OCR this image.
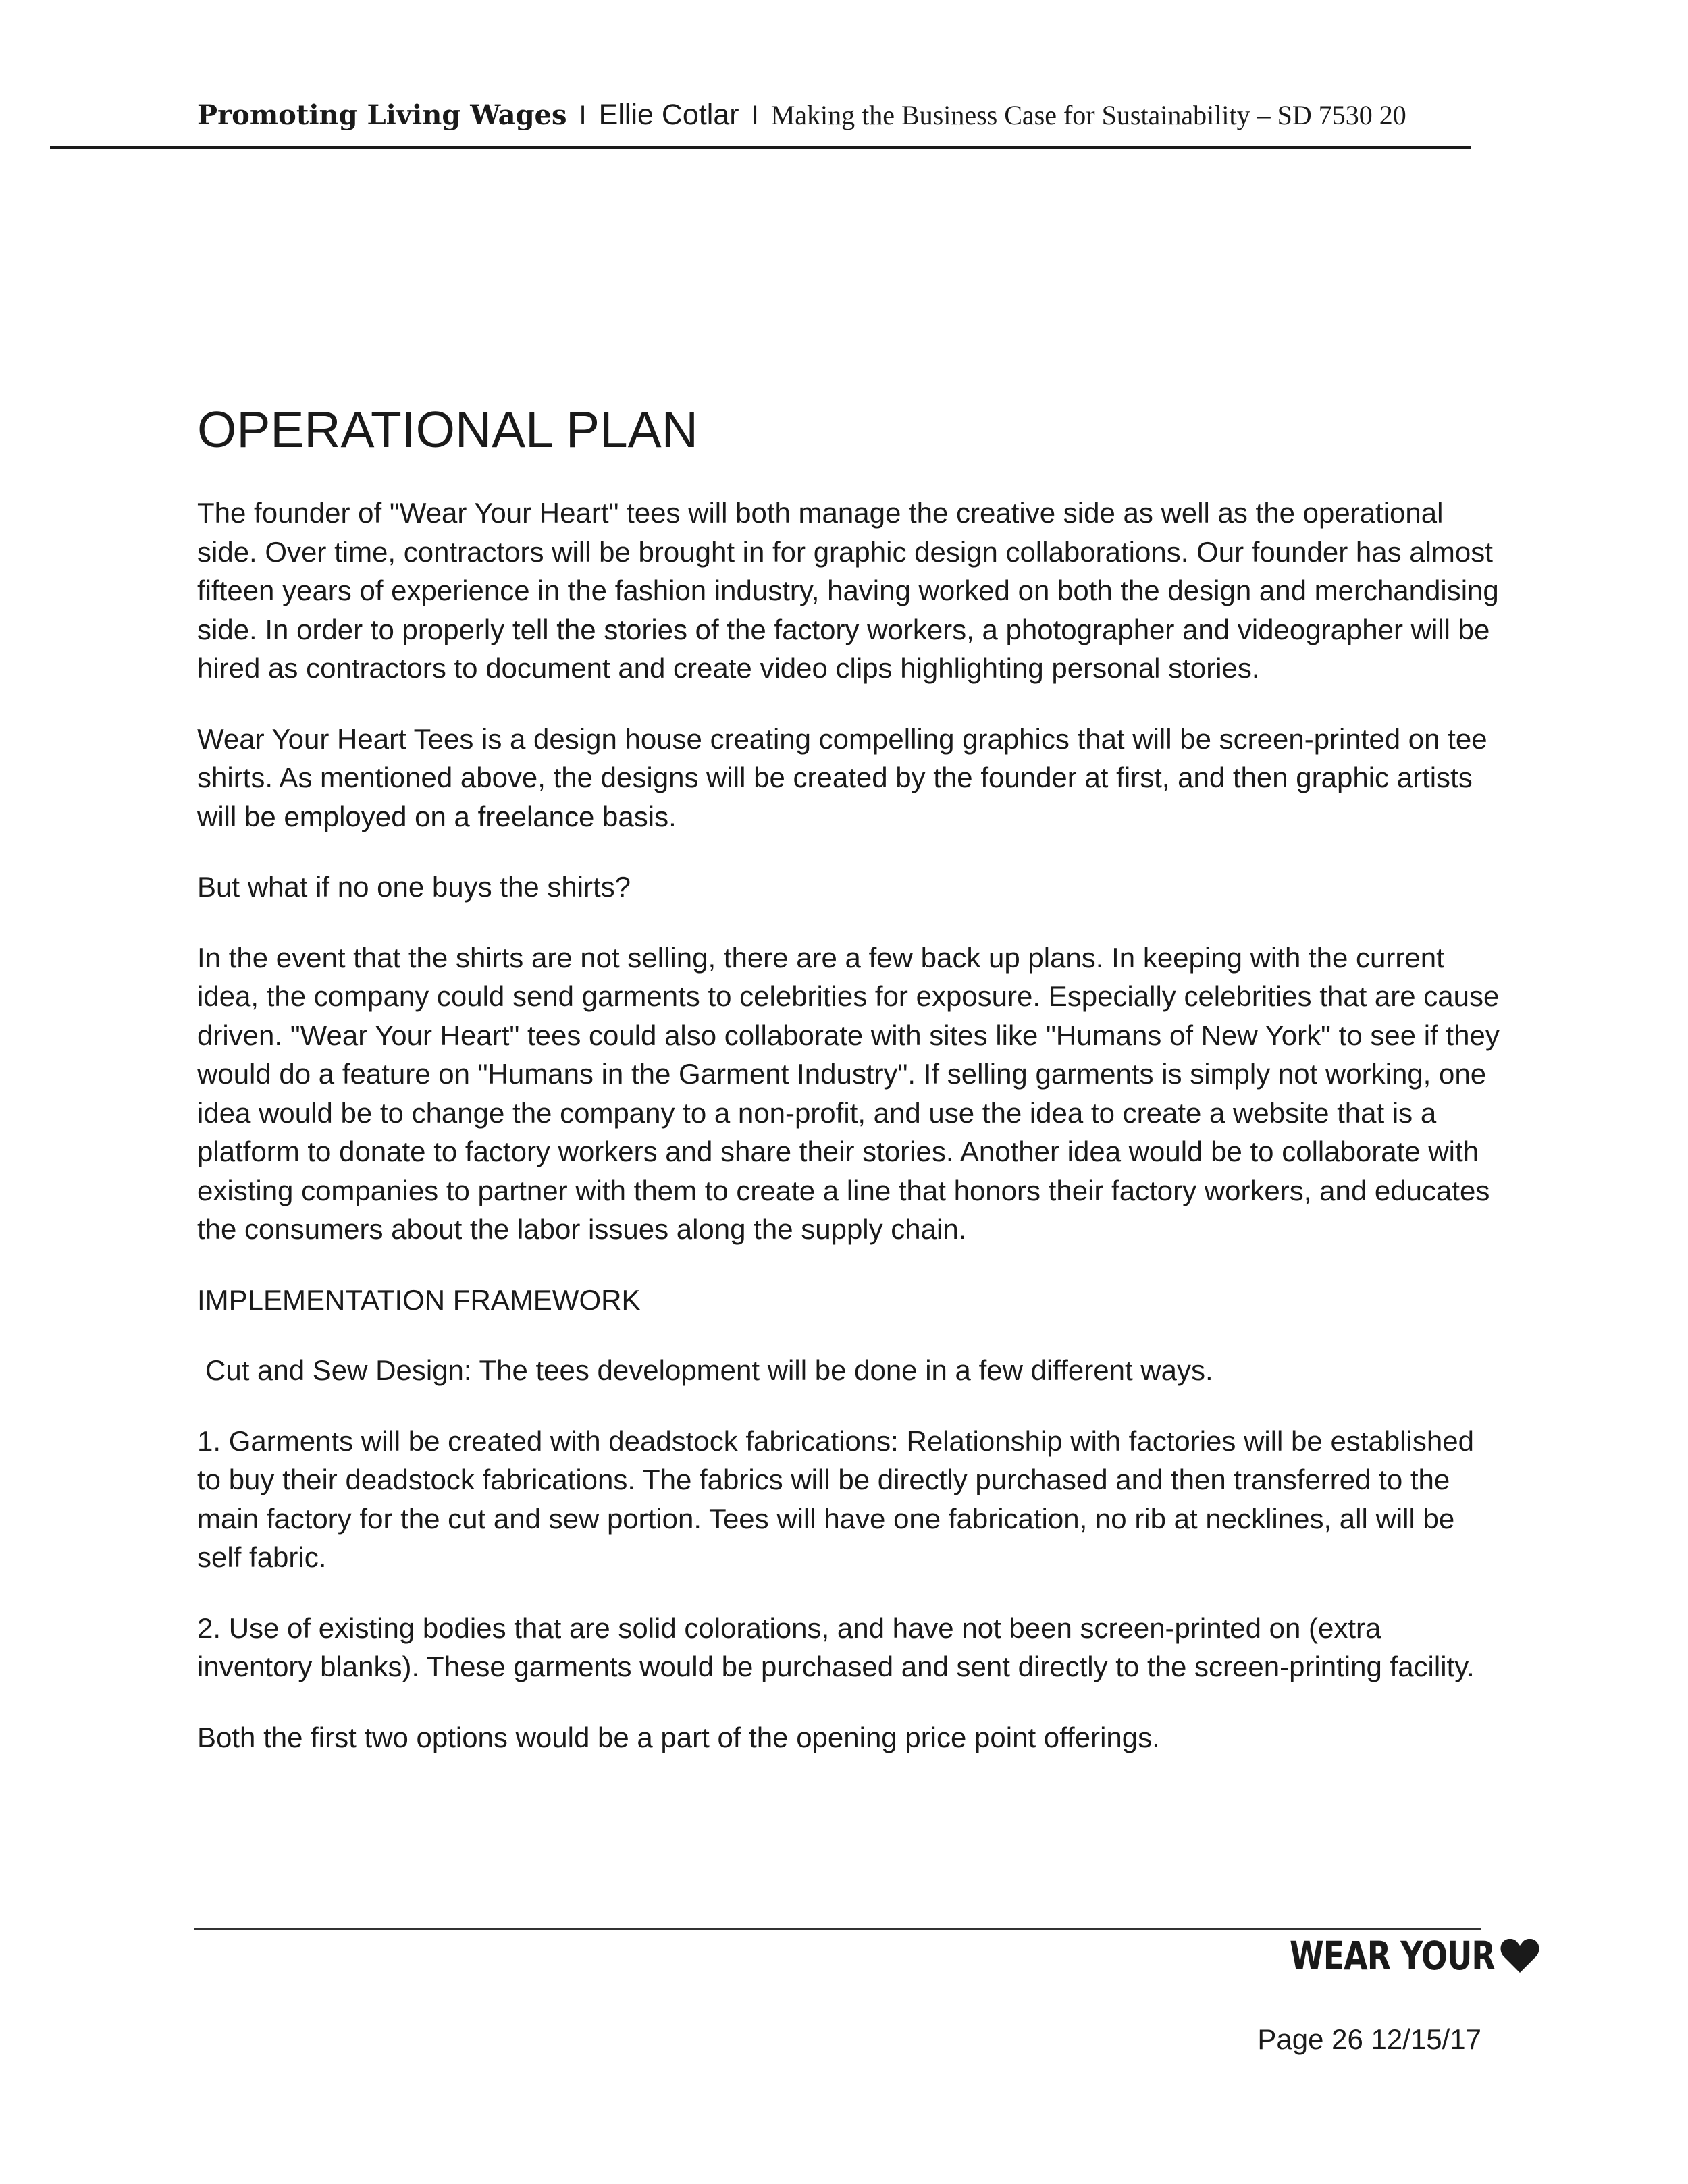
Promoting Living Wages I Ellie Cotlar I Making the Business Case for Sustainability – SD 7530 20
OPERATIONAL PLAN

The founder of "Wear Your Heart" tees will both manage the creative side as well as the operational side. Over time, contractors will be brought in for graphic design collaborations. Our founder has almost fifteen years of experience in the fashion industry, having worked on both the design and merchandising side. In order to properly tell the stories of the factory workers, a photographer and videographer will be hired as contractors to document and create video clips highlighting personal stories.

Wear Your Heart Tees is a design house creating compelling graphics that will be screen-printed on tee shirts. As mentioned above, the designs will be created by the founder at first, and then graphic artists will be employed on a freelance basis.

But what if no one buys the shirts?

In the event that the shirts are not selling, there are a few back up plans. In keeping with the current idea, the company could send garments to celebrities for exposure. Especially celebrities that are cause driven. "Wear Your Heart" tees could also collaborate with sites like "Humans of New York" to see if they would do a feature on "Humans in the Garment Industry". If selling garments is simply not working, one idea would be to change the company to a non-profit, and use the idea to create a website that is a platform to donate to factory workers and share their stories. Another idea would be to collaborate with existing companies to partner with them to create a line that honors their factory workers, and educates the consumers about the labor issues along the supply chain.

IMPLEMENTATION FRAMEWORK

Cut and Sew Design: The tees development will be done in a few different ways.

1. Garments will be created with deadstock fabrications: Relationship with factories will be established to buy their deadstock fabrications. The fabrics will be directly purchased and then transferred to the main factory for the cut and sew portion. Tees will have one fabrication, no rib at necklines, all will be self fabric.

2. Use of existing bodies that are solid colorations, and have not been screen-printed on (extra inventory blanks). These garments would be purchased and sent directly to the screen-printing facility.

Both the first two options would be a part of the opening price point offerings.

WEAR YOUR
Page 26 12/15/17
